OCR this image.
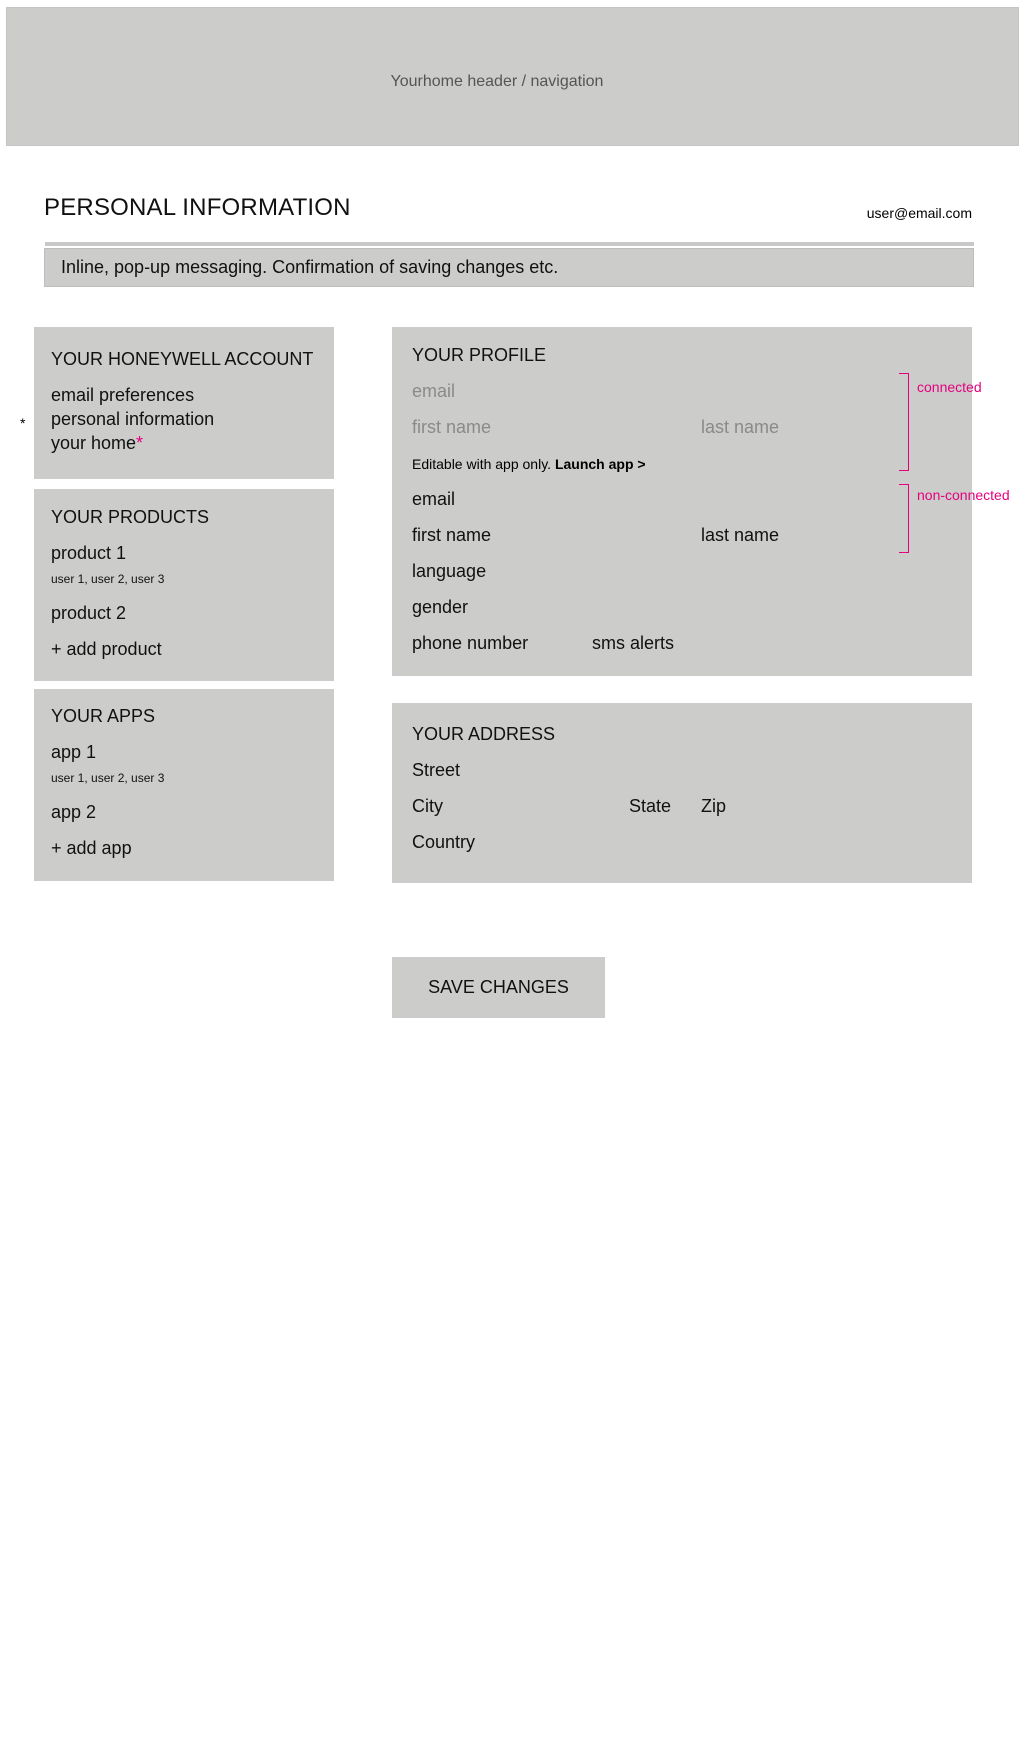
Yourhome header / navigation
PERSONAL INFORMATION	user@email.com
Inline, pop-up messaging. Confirmation of saving changes etc.
*
YOUR HONEYWELL ACCOUNT
email preferences
personal information
your home*
YOUR PRODUCTS
product 1
user 1, user 2, user 3
product 2
+ add product
YOUR APPS
app 1
user 1, user 2, user 3
app 2
+ add app
YOUR PROFILE
email
first name	last name
Editable with app only. Launch app >
email
first name	last name
language
gender
phone number	sms alerts
connected
non-connected
YOUR ADDRESS
Street
City	State Zip
Country
SAVE CHANGES
